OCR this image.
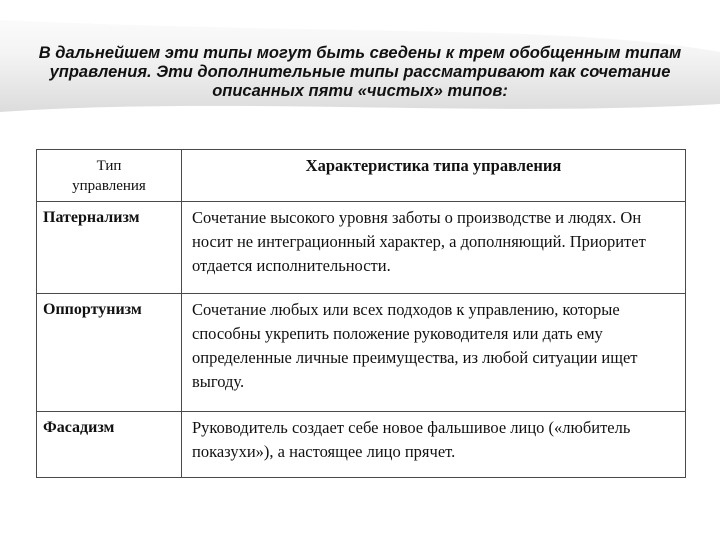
В дальнейшем эти типы могут быть сведены к трем обобщенным типам
управления. Эти дополнительные типы рассматривают как сочетание
описанных пяти «чистых» типов:
Тип
управления	Характеристика типа управления
Патернализм	Сочетание высокого уровня заботы о производстве и людях. Он носит не интеграционный характер, а дополняющий. Приоритет отдается исполнительности.
Оппортунизм	Сочетание любых или всех подходов к управлению, которые способны укрепить положение руководителя или дать ему определенные личные преимущества, из любой ситуации ищет выгоду.
Фасадизм	Руководитель создает себе новое фальшивое лицо («любитель показухи»), а настоящее лицо прячет.
